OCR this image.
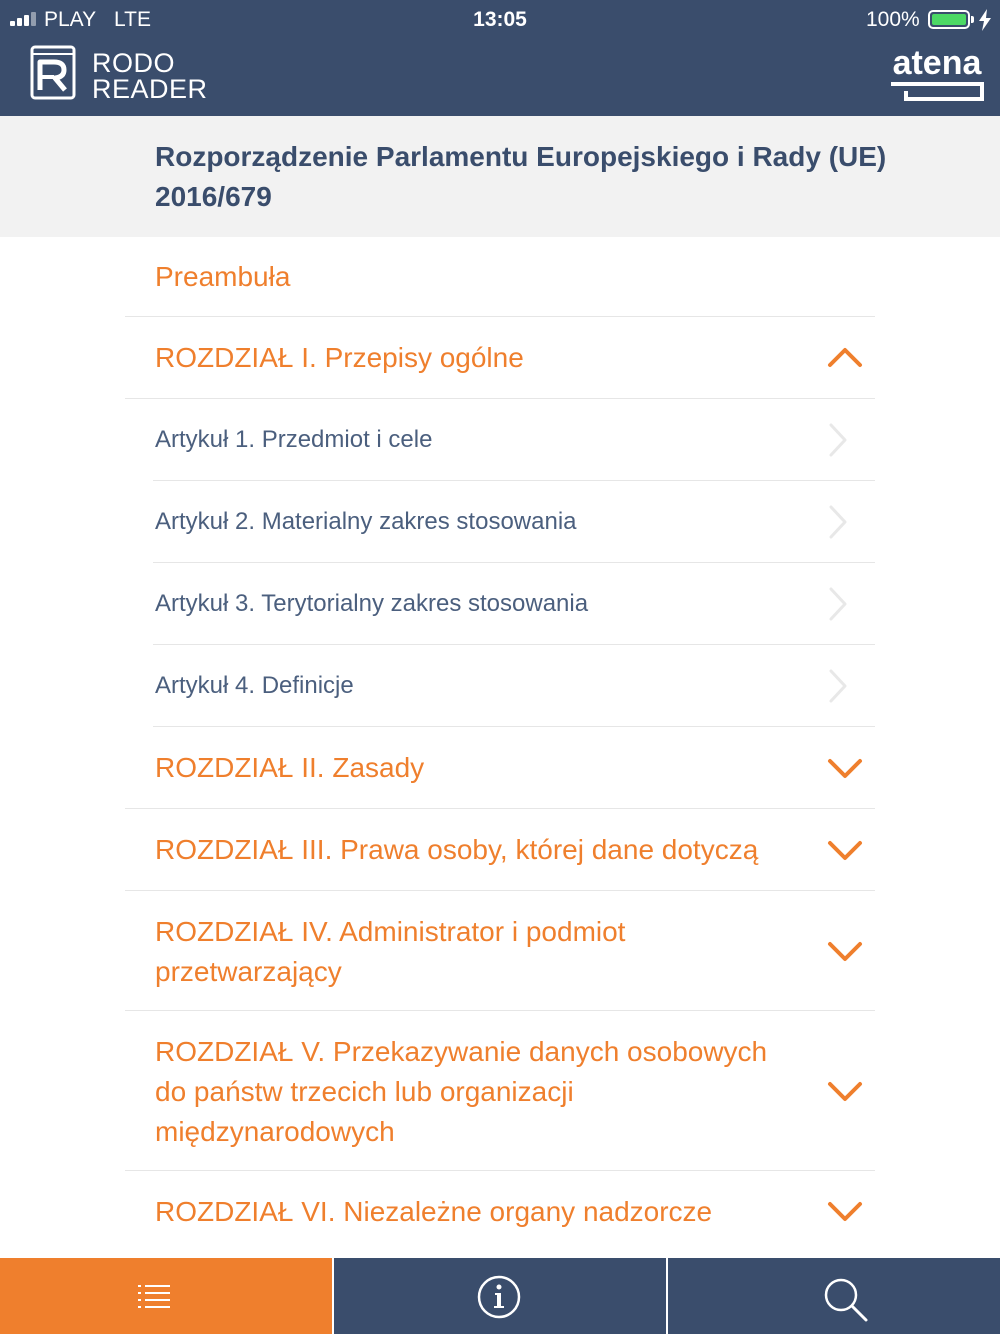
PLAY LTE	13:05	100%
RODO
READER
atena
Rozporządzenie Parlamentu Europejskiego i Rady (UE) 2016/679
Preambuła
ROZDZIAŁ I. Przepisy ogólne
Artykuł 1. Przedmiot i cele
Artykuł 2. Materialny zakres stosowania
Artykuł 3. Terytorialny zakres stosowania
Artykuł 4. Definicje
ROZDZIAŁ II. Zasady
ROZDZIAŁ III. Prawa osoby, której dane dotyczą
ROZDZIAŁ IV. Administrator i podmiot przetwarzający
ROZDZIAŁ V. Przekazywanie danych osobowych do państw trzecich lub organizacji międzynarodowych
ROZDZIAŁ VI. Niezależne organy nadzorcze
